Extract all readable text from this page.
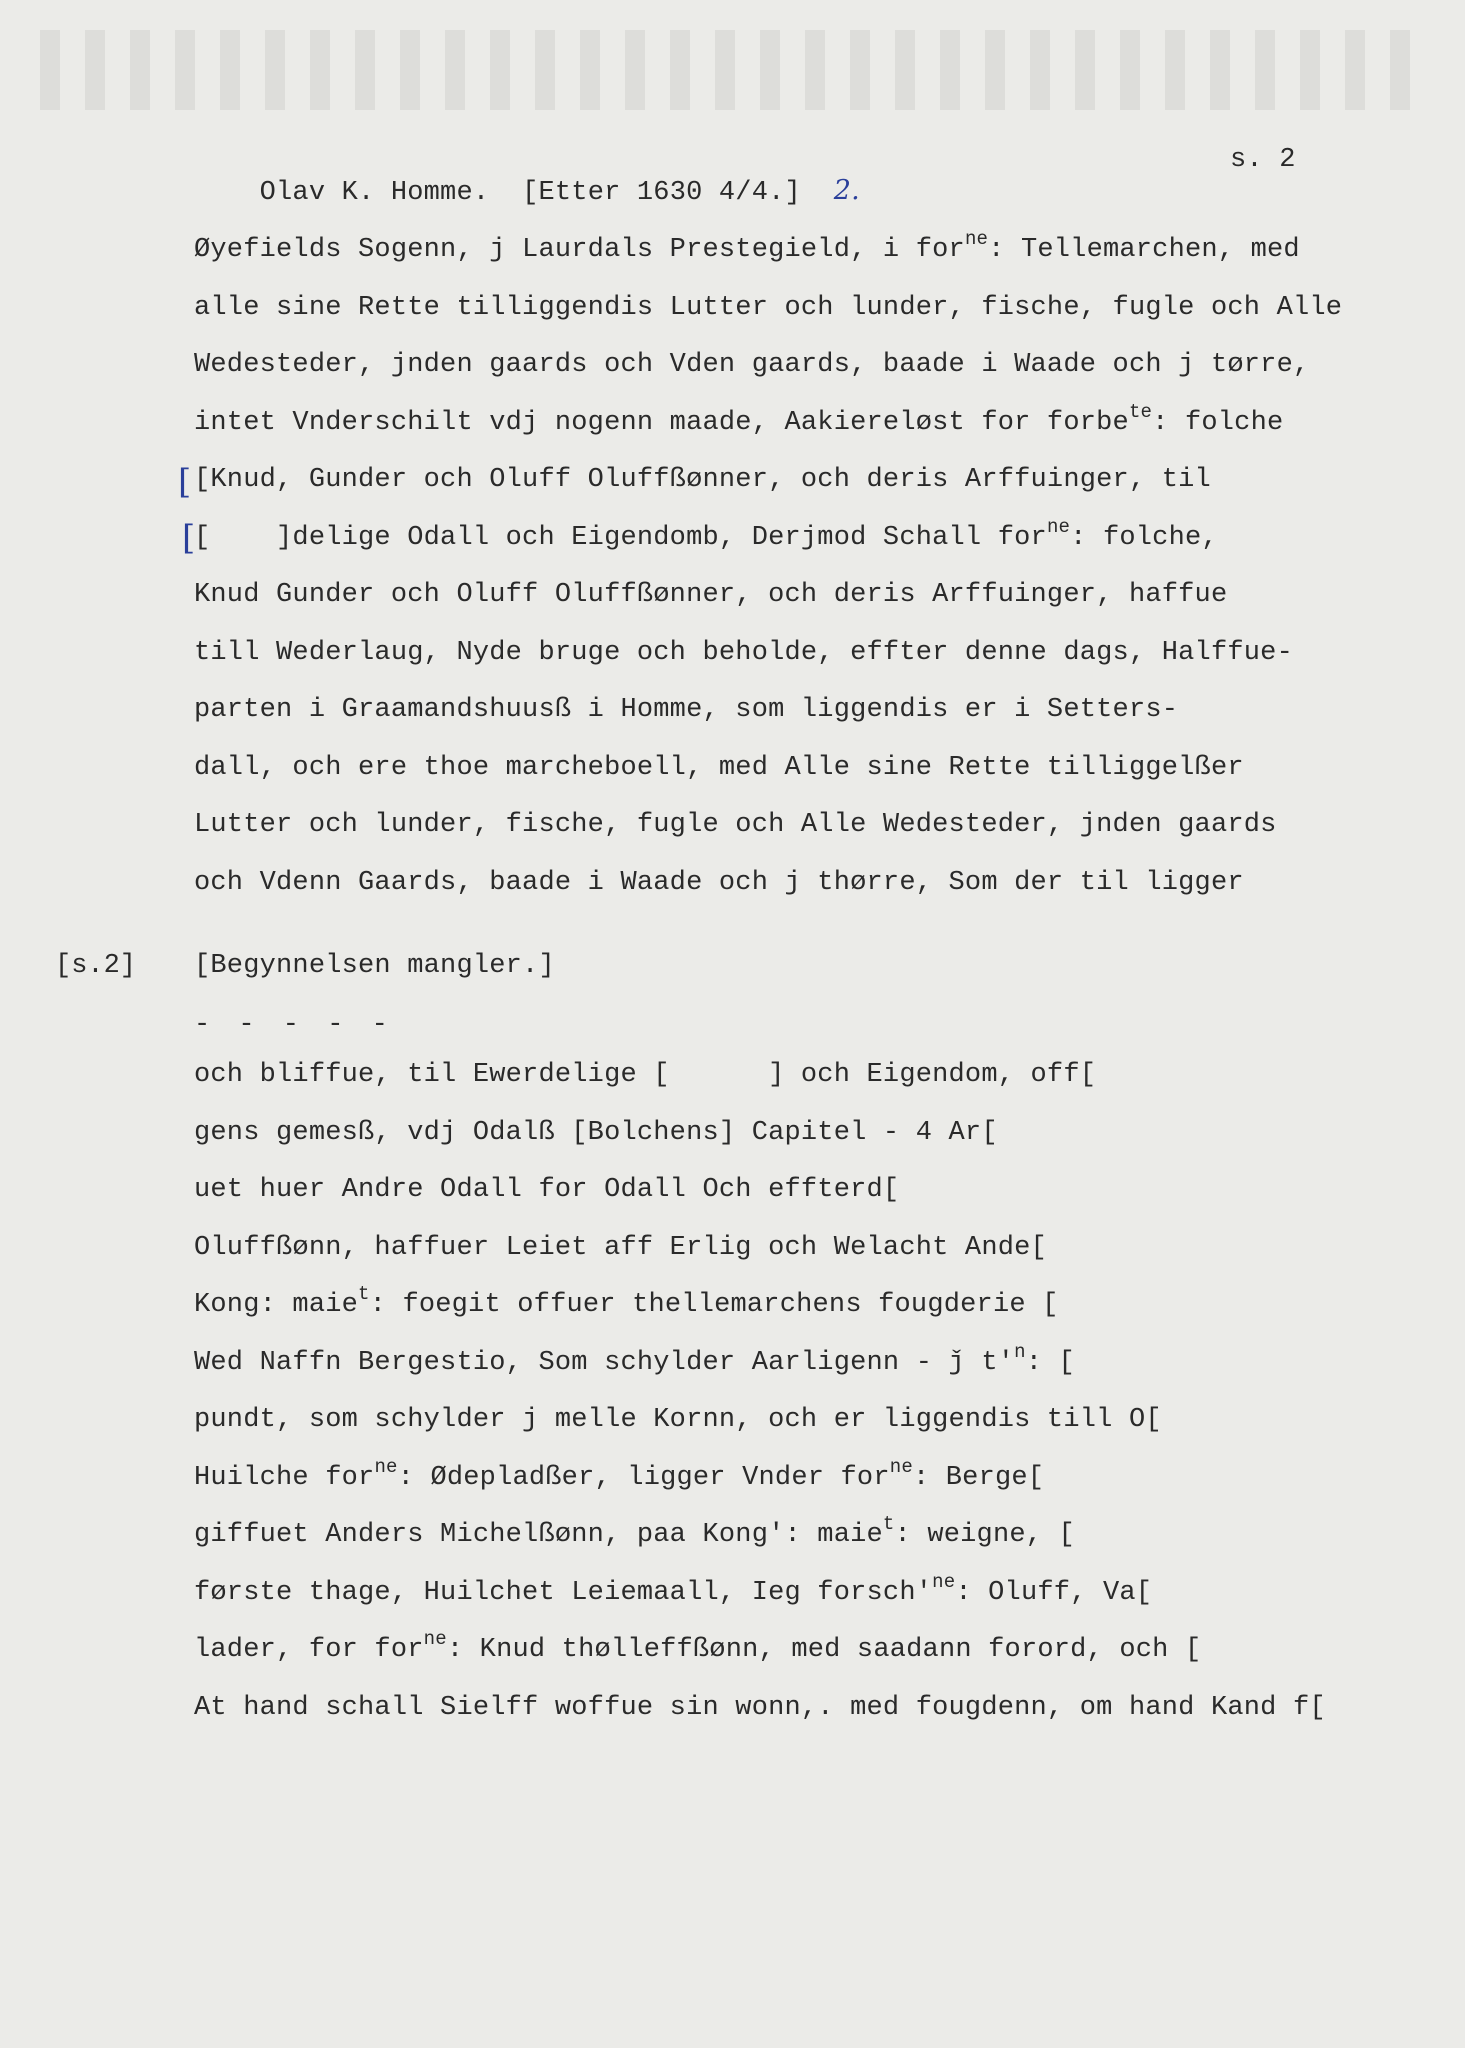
Olav K. Homme. [Etter 1630 4/4.] 2.

s. 2
Øyefields Sogenn, j Laurdals Prestegield, i for$^{ne}$: Tellemarchen, med
alle sine Rette tilliggendis Lutter och lunder, fische, fugle och Alle
Wedesteder, jnden gaards och Vden gaards, baade i Waade och j tørre,
intet Vnderschilt vdj nogenn maade, Aakiereløst for forbe$^{te}$: folche
[Knud, Gunder och Oluff Oluffßønner, och deris Arffuinger, til
[    ]delige Odall och Eigendomb, Derjmod Schall for$^{ne}$: folche,
Knud Gunder och Oluff Oluffßønner, och deris Arffuinger, haffue
till Wederlaug, Nyde bruge och beholde, effter denne dags, Halffue-
parten i Graamandshuusß i Homme, som liggendis er i Setters-
dall, och ere thoe marcheboell, med Alle sine Rette tilliggelßer
Lutter och lunder, fische, fugle och Alle Wedesteder, jnden gaards
och Vdenn Gaards, baade i Waade och j thørre, Som der til ligger
[s.2] [Begynnelsen mangler.]
- - - - -
och bliffue, til Ewerdelige [      ] och Eigendom, off[
gens gemesß, vdj Odalß [Bolchens] Capitel - 4 Ar[
uet huer Andre Odall for Odall Och effterd[
Oluffßønn, haffuer Leiet aff Erlig och Welacht Ande[
Kong: maie$^t$: foegit offuer thellemarchens fougderie [
Wed Naffn Bergestio, Som schylder Aarligenn - ǰ $t'^n$: [
pundt, som schylder j melle Kornn, och er liggendis till O[
Huilche for$^{ne}$: Ødepladßer, ligger Vnder for$^{ne}$: Berge[
giffuet Anders Michelßønn, paa Kong': maie$^t$: weigne, [
første thage, Huilchet Leiemaall, Ieg $forsch'^{ne}$: Oluff, Va[
lader, for for$^{ne}$: Knud thølleffßønn, med saadann forord, och [
At hand schall Sielff woffue sin wonn,. med fougdenn, om hand Kand f[
[
[
